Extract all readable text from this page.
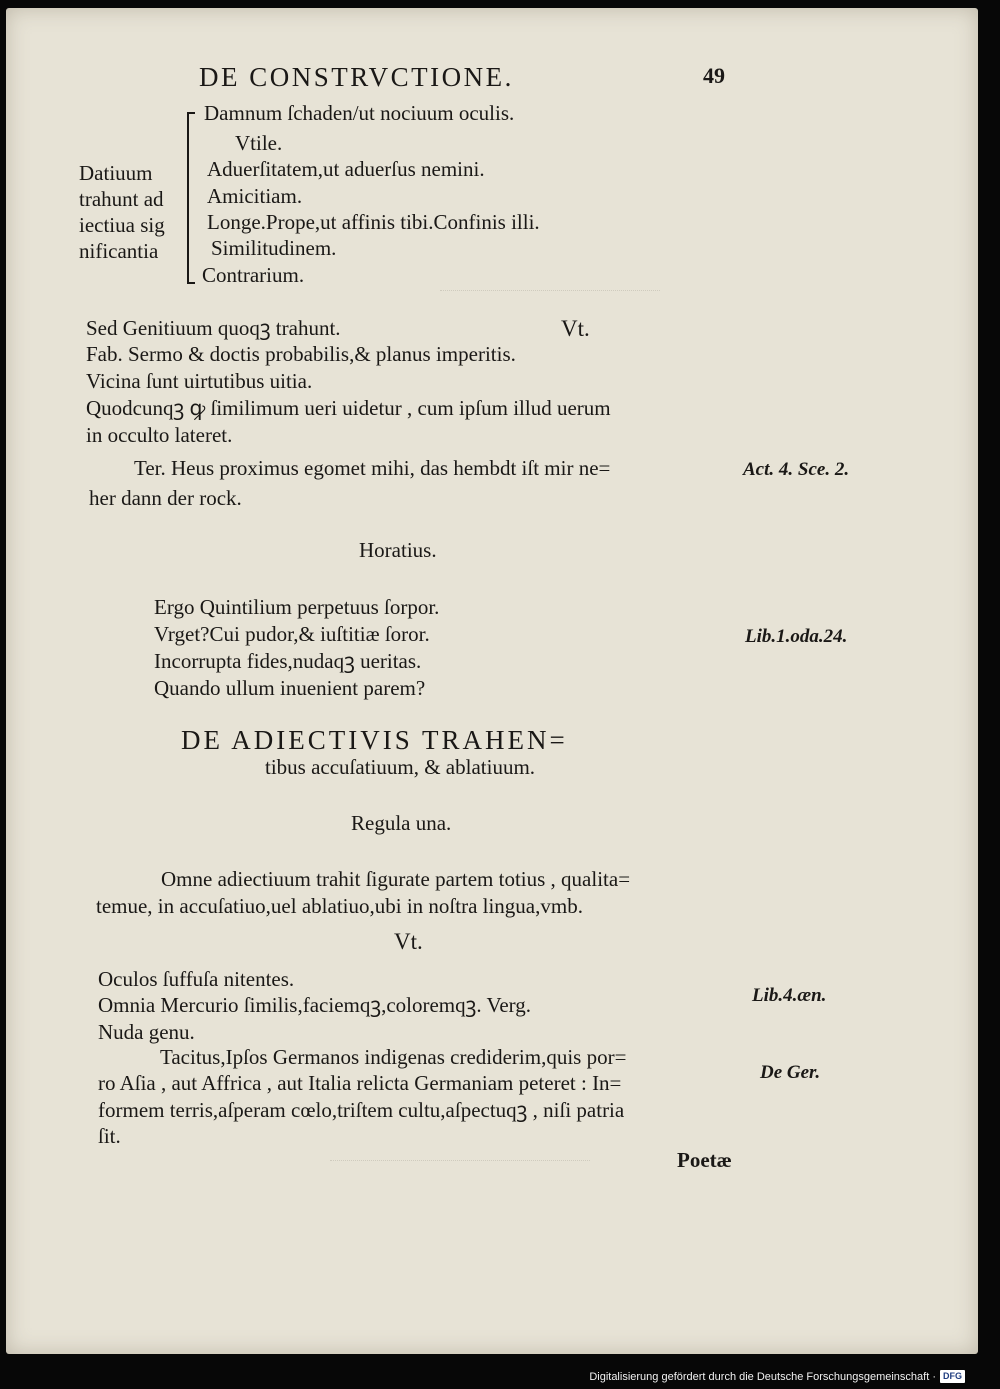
DE CONSTRVCTIONE.	49
Damnum ſchaden/ut nociuum oculis.
Vtile.
Aduerſitatem,ut aduerſus nemini.
Amicitiam.
Longe.Prope,ut affinis tibi.Confinis illi.
Similitudinem.
Contrarium.
Datiuum
trahunt ad
iectiua sig
nificantia
Sed Genitiuum quoqꝫ trahunt.	Vt.
Fab. Sermo & doctis probabilis,& planus imperitis.
Vicina ſunt uirtutibus uitia.
Quodcunqꝫ ꝙ ſimilimum ueri uidetur , cum ipſum illud uerum
in occulto lateret.
Ter. Heus proximus egomet mihi, das hembdt iſt mir ne=
her dann der rock.
Act. 4. Sce. 2.
Horatius.
Ergo Quintilium perpetuus ſorpor.
Vrget?Cui pudor,& iuſtitiæ ſoror.
Incorrupta fides,nudaqꝫ ueritas.
Quando ullum inuenient parem?
Lib.1.oda.24.
DE ADIECTIVIS TRAHEN=
tibus accuſatiuum, & ablatiuum.
Regula una.
Omne adiectiuum trahit ſigurate partem totius , qualita=
temue, in accuſatiuo,uel ablatiuo,ubi in noſtra lingua,vmb.
Vt.
Oculos ſuffuſa nitentes.
Omnia Mercurio ſimilis,faciemqꝫ,coloremqꝫ. Verg.
Nuda genu.
Lib.4.æn.
Tacitus,Ipſos Germanos indigenas crediderim,quis por=
ro Aſia , aut Affrica , aut Italia relicta Germaniam peteret : In=
formem terris,aſperam cœlo,triſtem cultu,aſpectuqꝫ , niſi patria
ſit.
De Ger.
Poetæ
Digitalisierung gefördert durch die Deutsche Forschungsgemeinschaft · DFG
